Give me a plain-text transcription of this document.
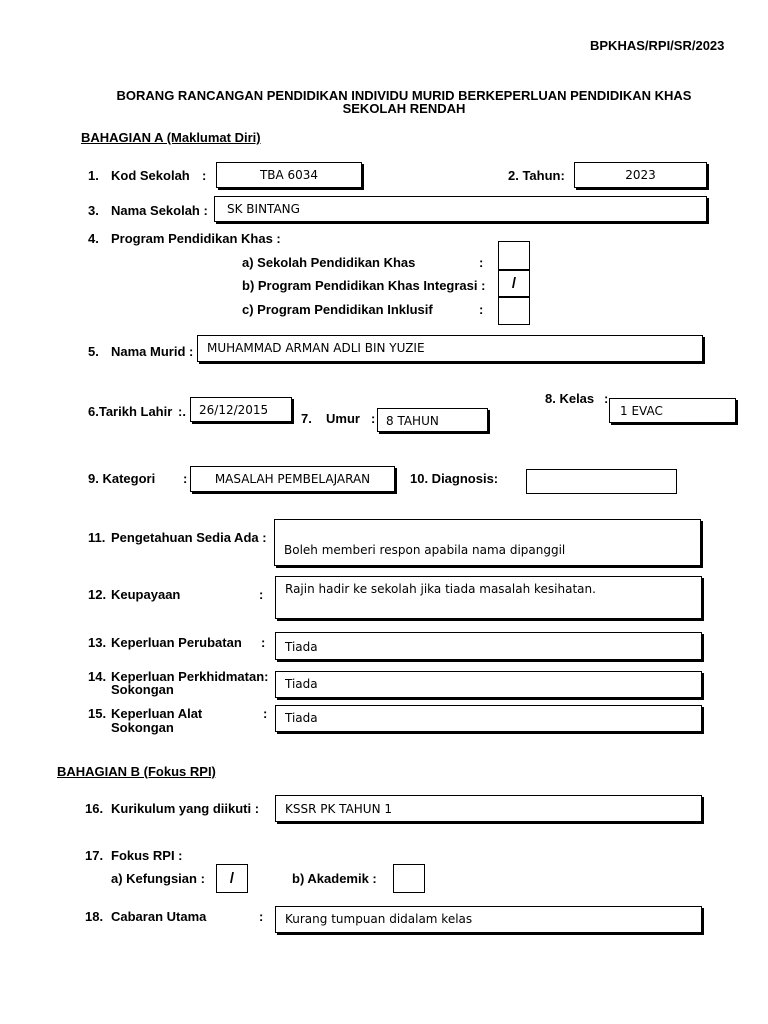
BPKHAS/RPI/SR/2023
BORANG RANCANGAN PENDIDIKAN INDIVIDU MURID BERKEPERLUAN PENDIDIKAN KHAS
SEKOLAH RENDAH
BAHAGIAN A (Maklumat Diri)
1. Kod Sekolah :	TBA 6034	2. Tahun:	2023
3. Nama Sekolah : SK BINTANG
4. Program Pendidikan Khas :
a) Sekolah Pendidikan Khas	:
b) Program Pendidikan Khas Integrasi :	/
c) Program Pendidikan Inklusif	:
5. Nama Murid : MUHAMMAD ARMAN ADLI BIN YUZIE
6.Tarikh Lahir :. 26/12/2015
7. Umur : 8 TAHUN
8. Kelas :
1 EVAC
9. Kategori :	MASALAH PEMBELAJARAN	10. Diagnosis:
11. Pengetahuan Sedia Ada :
Boleh memberi respon apabila nama dipanggil
12. Keupayaan	: Rajin hadir ke sekolah jika tiada masalah kesihatan.
13. Keperluan Perubatan : Tiada
14. Keperluan Perkhidmatan:
Sokongan	Tiada
15. Keperluan Alat
Sokongan
: Tiada
BAHAGIAN B (Fokus RPI)
16. Kurikulum yang diikuti : KSSR PK TAHUN 1
17. Fokus RPI :
a) Kefungsian :	/	b) Akademik :
18. Cabaran Utama	: Kurang tumpuan didalam kelas
